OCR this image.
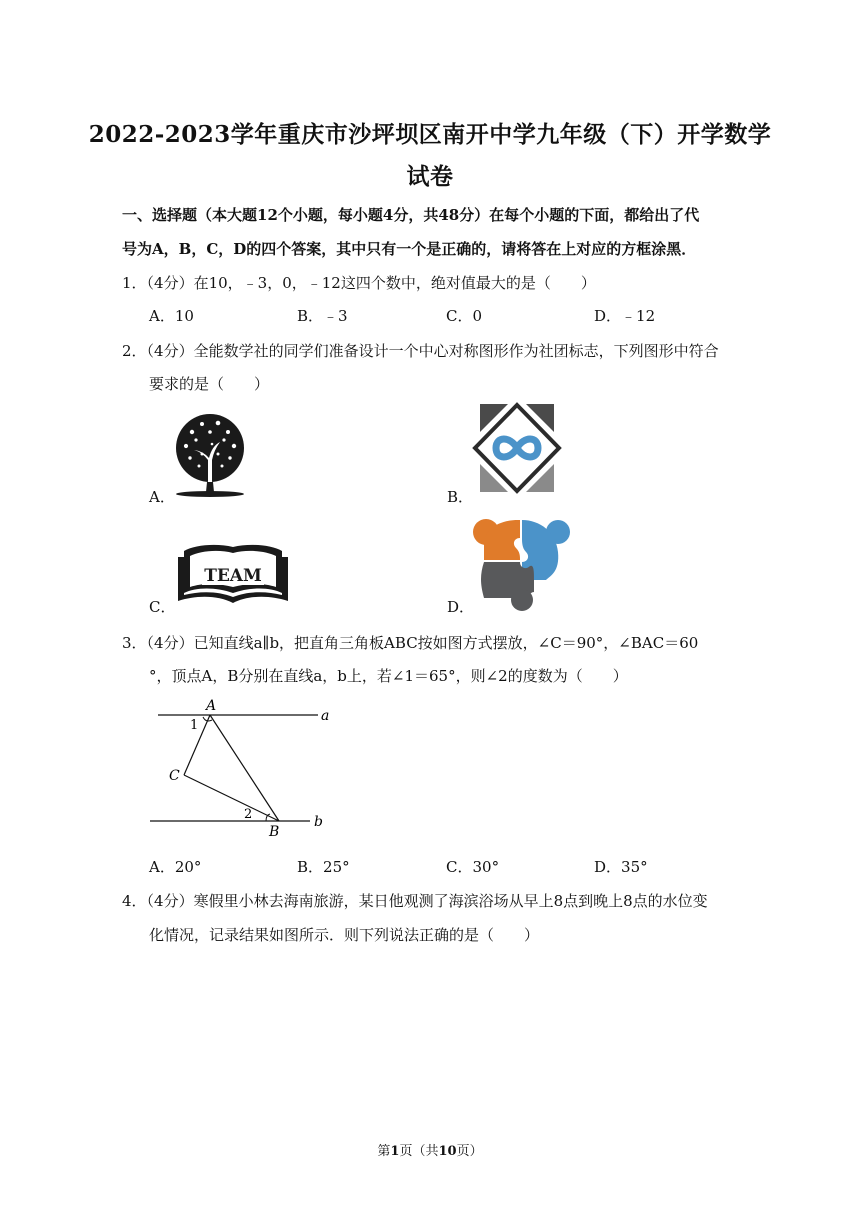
2022-2023学年重庆市沙坪坝区南开中学九年级（下）开学数学
试卷
一、选择题（本大题12个小题，每小题4分，共48分）在每个小题的下面，都给出了代
号为A，B，C，D的四个答案，其中只有一个是正确的，请将答在上对应的方框涂黑．
1．（4分）在10，﹣3，0，﹣12这四个数中，绝对值最大的是（　　）
A．10	B．﹣3	C．0	D．﹣12
2．（4分）全能数学社的同学们准备设计一个中心对称图形作为社团标志，下列图形中符合
要求的是（　　）
A．	B．
C．
TEAM
D．
3．（4分）已知直线a∥b，把直角三角板ABC按如图方式摆放，∠C＝90°，∠BAC＝60
°，顶点A，B分别在直线a，b上，若∠1＝65°，则∠2的度数为（　　）
A
1
C
2
B
a
b
A．20°	B．25°	C．30°	D．35°
4．（4分）寒假里小林去海南旅游，某日他观测了海滨浴场从早上8点到晚上8点的水位变
化情况，记录结果如图所示．则下列说法正确的是（　　）
第1页（共10页）
